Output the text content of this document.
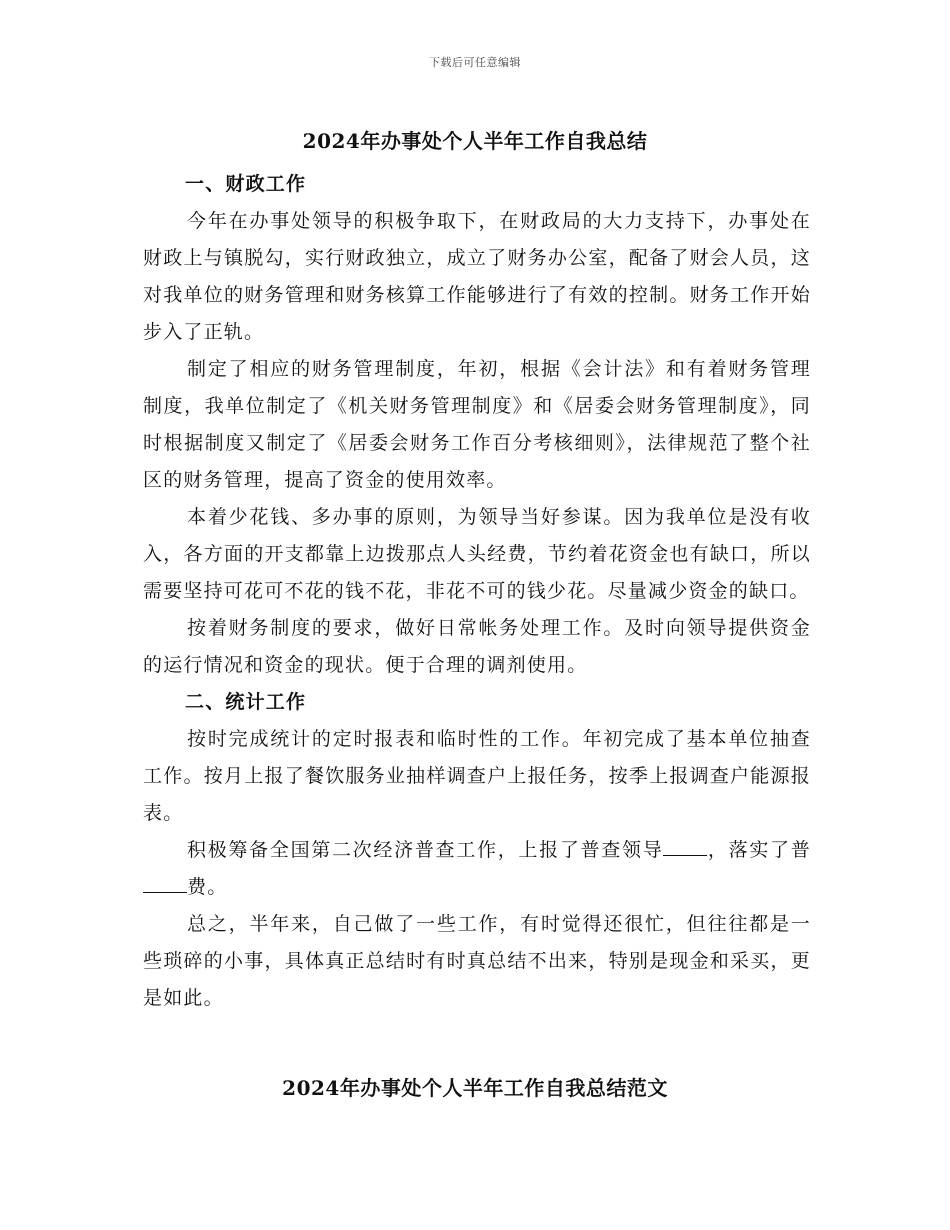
下载后可任意编辑
2024年办事处个人半年工作自我总结

一、财政工作

今年在办事处领导的积极争取下，在财政局的大力支持下，办事处在财政上与镇脱勾，实行财政独立，成立了财务办公室，配备了财会人员，这对我单位的财务管理和财务核算工作能够进行了有效的控制。财务工作开始步入了正轨。

制定了相应的财务管理制度，年初，根据《会计法》和有着财务管理制度，我单位制定了《机关财务管理制度》和《居委会财务管理制度》，同时根据制度又制定了《居委会财务工作百分考核细则》，法律规范了整个社区的财务管理，提高了资金的使用效率。

本着少花钱、多办事的原则，为领导当好参谋。因为我单位是没有收入，各方面的开支都靠上边拨那点人头经费，节约着花资金也有缺口，所以需要坚持可花可不花的钱不花，非花不可的钱少花。尽量减少资金的缺口。

按着财务制度的要求，做好日常帐务处理工作。及时向领导提供资金的运行情况和资金的现状。便于合理的调剂使用。

二、统计工作

按时完成统计的定时报表和临时性的工作。年初完成了基本单位抽查工作。按月上报了餐饮服务业抽样调查户上报任务，按季上报调查户能源报表。

积极筹备全国第二次经济普查工作，上报了普查领导 ，落实了普费。

总之，半年来，自己做了一些工作，有时觉得还很忙，但往往都是一些琐碎的小事，具体真正总结时有时真总结不出来，特别是现金和采买，更是如此。

2024年办事处个人半年工作自我总结范文
